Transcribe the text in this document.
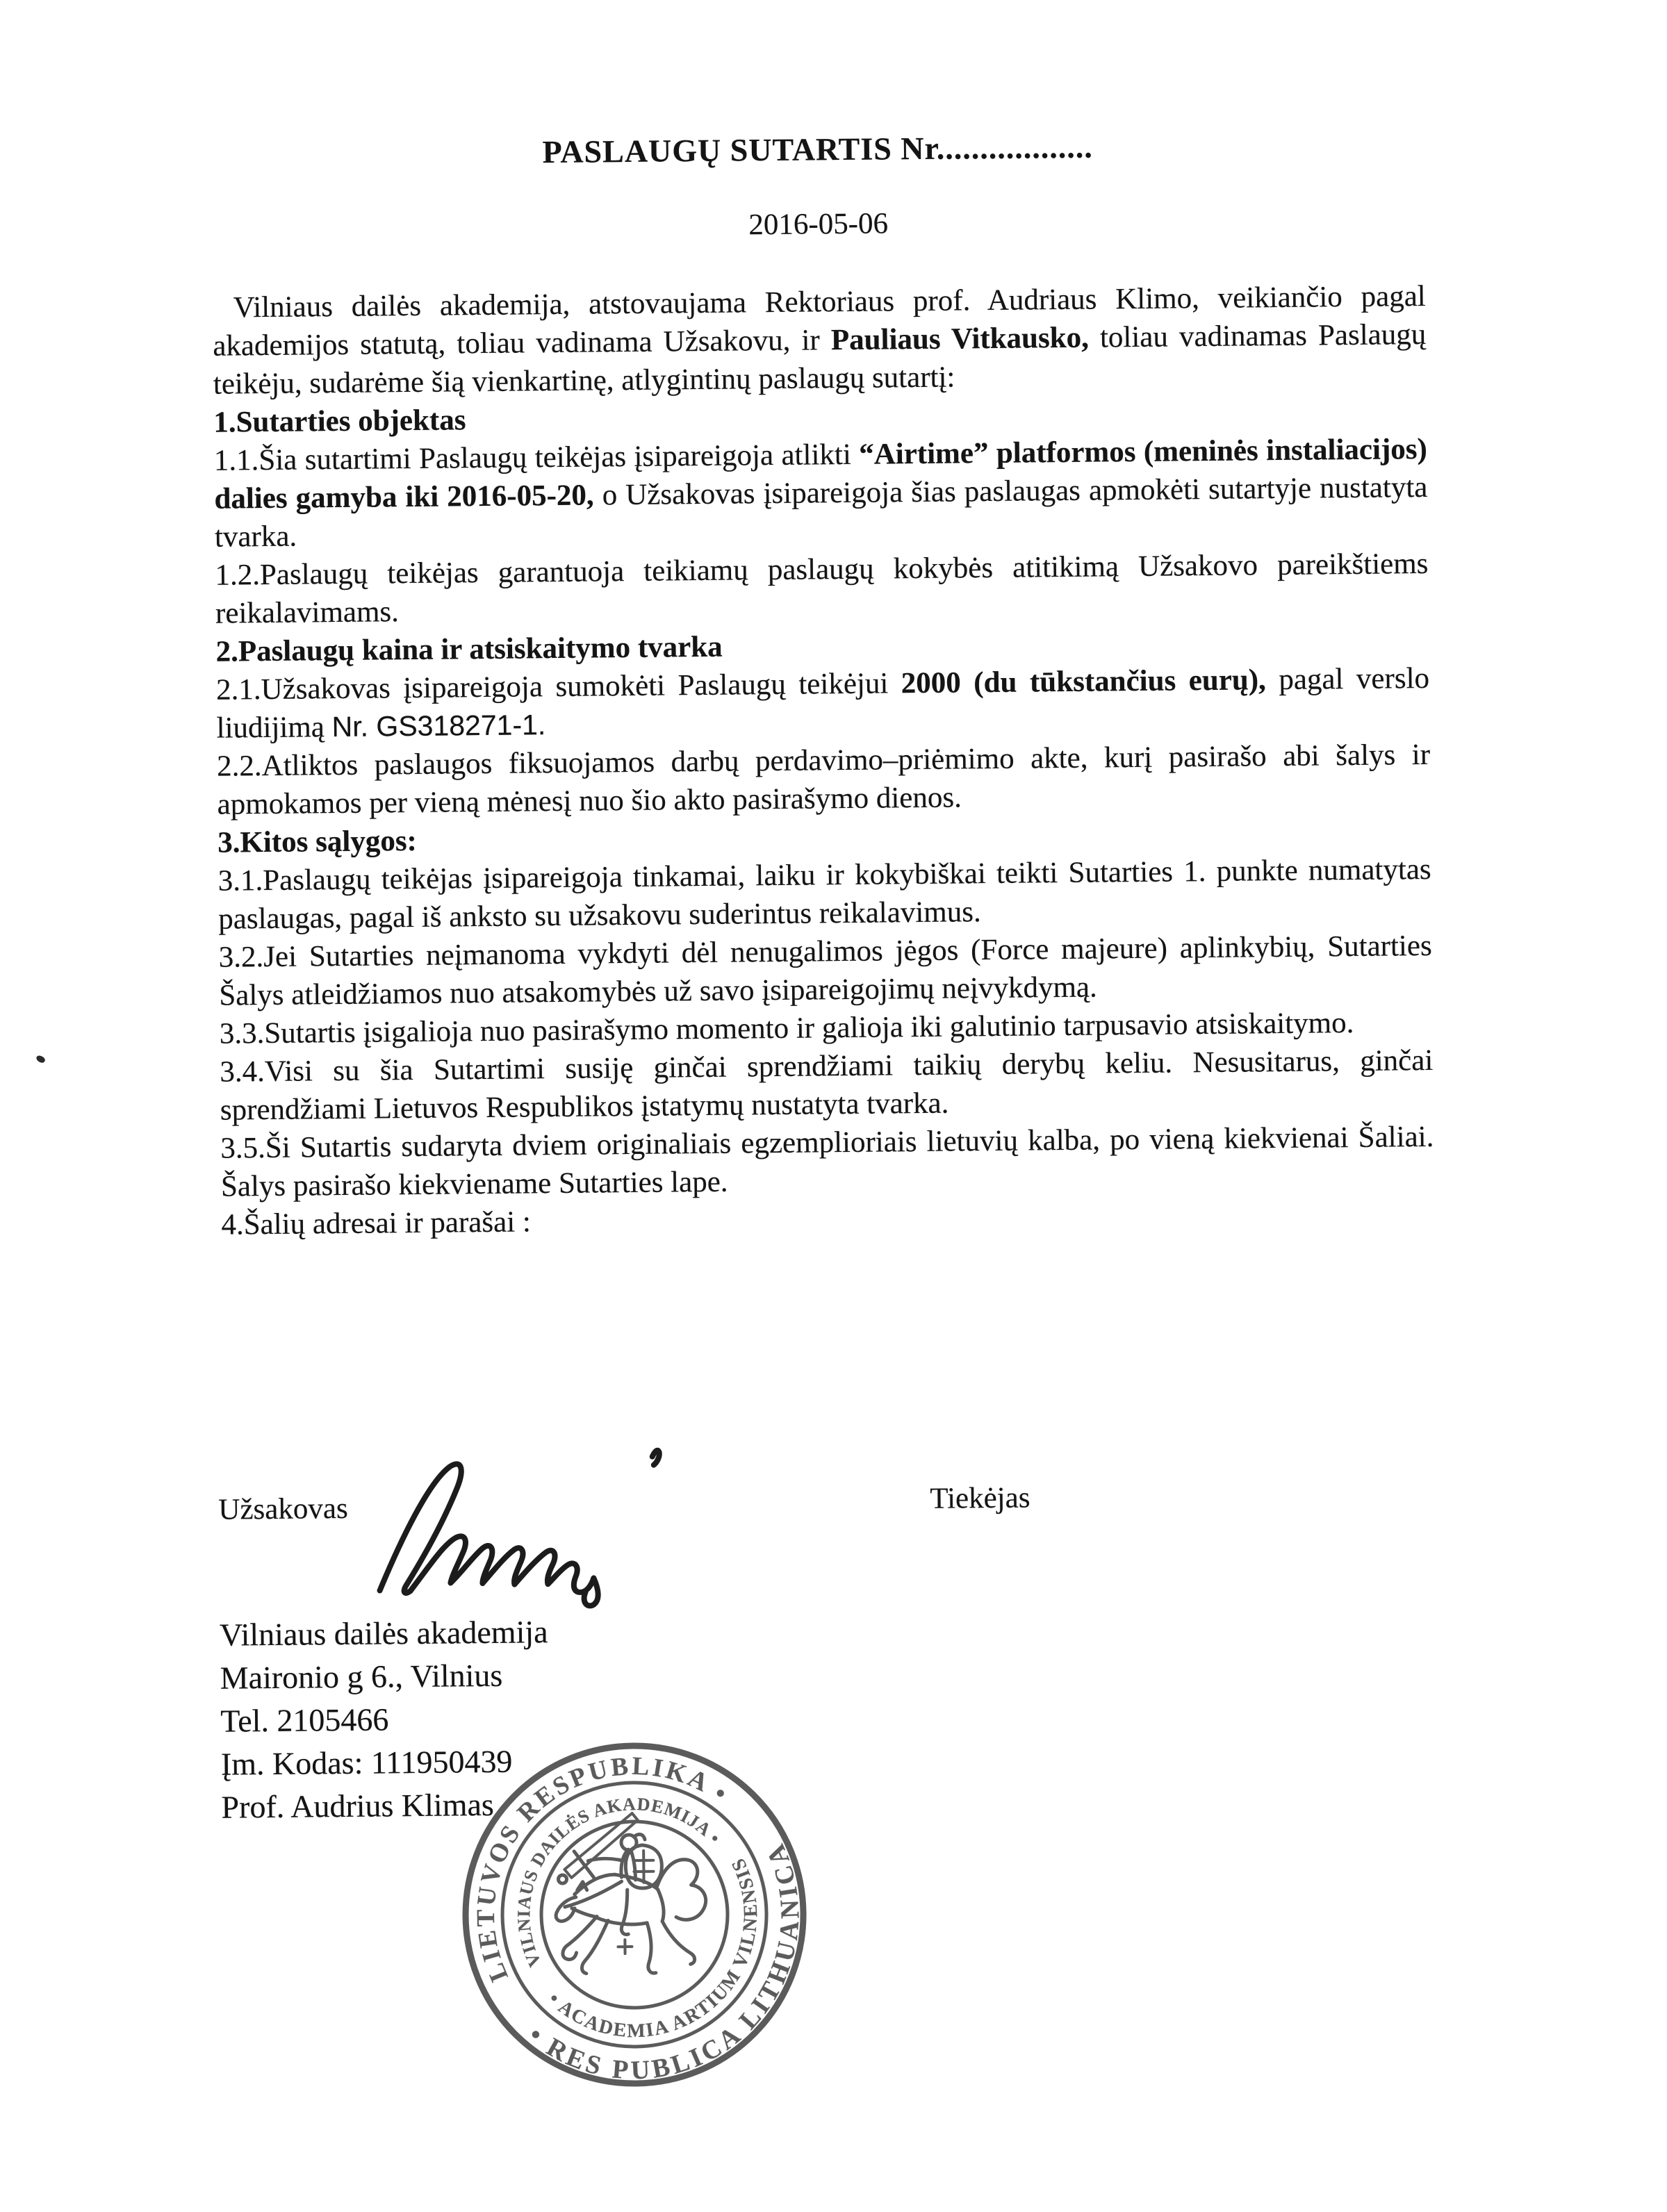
PASLAUGŲ SUTARTIS Nr..................
2016-05-06

Vilniaus dailės akademija, atstovaujama Rektoriaus prof. Audriaus Klimo, veikiančio pagal akademijos statutą, toliau vadinama Užsakovu, ir Pauliaus Vitkausko, toliau vadinamas Paslaugų teikėju, sudarėme šią vienkartinę, atlygintinų paslaugų sutartį:

1.Sutarties objektas

1.1.Šia sutartimi Paslaugų teikėjas įsipareigoja atlikti “Airtime” platformos (meninės instaliacijos) dalies gamyba iki 2016-05-20, o Užsakovas įsipareigoja šias paslaugas apmokėti sutartyje nustatyta tvarka.

1.2.Paslaugų teikėjas garantuoja teikiamų paslaugų kokybės atitikimą Užsakovo pareikštiems reikalavimams.

2.Paslaugų kaina ir atsiskaitymo tvarka

2.1.Užsakovas įsipareigoja sumokėti Paslaugų teikėjui 2000 (du tūkstančius eurų), pagal verslo liudijimą Nr. GS318271-1.

2.2.Atliktos paslaugos fiksuojamos darbų perdavimo–priėmimo akte, kurį pasirašo abi šalys ir apmokamos per vieną mėnesį nuo šio akto pasirašymo dienos.

3.Kitos sąlygos:

3.1.Paslaugų teikėjas įsipareigoja tinkamai, laiku ir kokybiškai teikti Sutarties 1. punkte numatytas paslaugas, pagal iš anksto su užsakovu suderintus reikalavimus.

3.2.Jei Sutarties neįmanoma vykdyti dėl nenugalimos jėgos (Force majeure) aplinkybių, Sutarties Šalys atleidžiamos nuo atsakomybės už savo įsipareigojimų neįvykdymą.

3.3.Sutartis įsigalioja nuo pasirašymo momento ir galioja iki galutinio tarpusavio atsiskaitymo.

3.4.Visi su šia Sutartimi susiję ginčai sprendžiami taikių derybų keliu. Nesusitarus, ginčai sprendžiami Lietuvos Respublikos įstatymų nustatyta tvarka.

3.5.Ši Sutartis sudaryta dviem originaliais egzemplioriais lietuvių kalba, po vieną kiekvienai Šaliai. Šalys pasirašo kiekviename Sutarties lape.

4.Šalių adresai ir parašai :

Užsakovas	Tiekėjas
Vilniaus dailės akademija
Maironio g 6., Vilnius
Tel. 2105466
Įm. Kodas: 111950439
Prof. Audrius Klimas
LIETUVOS RESPUBLIKA •
• RES PUBLICA LITHUANICA
VILNIAUS DAILĖS AKADEMIJA •
• ACADEMIA ARTIUM VILNENSIS
